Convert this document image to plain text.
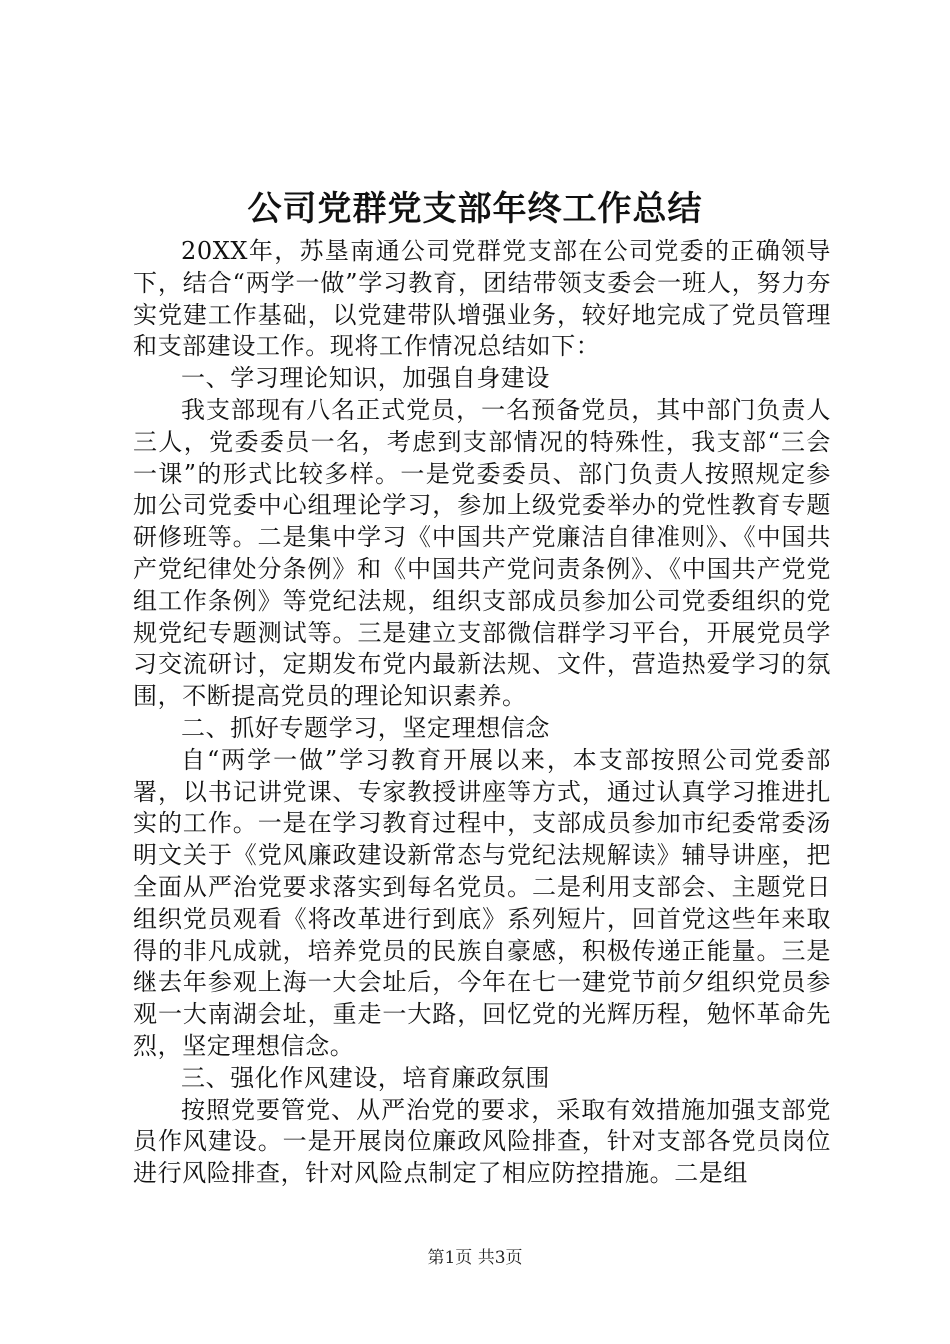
公司党群党支部年终工作总结

20XX年，苏垦南通公司党群党支部在公司党委的正确领导下，结合“两学一做”学习教育，团结带领支委会一班人，努力夯实党建工作基础，以党建带队增强业务，较好地完成了党员管理和支部建设工作。现将工作情况总结如下：

一、学习理论知识，加强自身建设

我支部现有八名正式党员，一名预备党员，其中部门负责人三人，党委委员一名，考虑到支部情况的特殊性，我支部“三会一课”的形式比较多样。一是党委委员、部门负责人按照规定参加公司党委中心组理论学习，参加上级党委举办的党性教育专题研修班等。二是集中学习《中国共产党廉洁自律准则》、《中国共产党纪律处分条例》和《中国共产党问责条例》、《中国共产党党组工作条例》等党纪法规，组织支部成员参加公司党委组织的党规党纪专题测试等。三是建立支部微信群学习平台，开展党员学习交流研讨，定期发布党内最新法规、文件，营造热爱学习的氛围，不断提高党员的理论知识素养。

二、抓好专题学习，坚定理想信念

自“两学一做”学习教育开展以来，本支部按照公司党委部署，以书记讲党课、专家教授讲座等方式，通过认真学习推进扎实的工作。一是在学习教育过程中，支部成员参加市纪委常委汤明文关于《党风廉政建设新常态与党纪法规解读》辅导讲座，把全面从严治党要求落实到每名党员。二是利用支部会、主题党日组织党员观看《将改革进行到底》系列短片，回首党这些年来取得的非凡成就，培养党员的民族自豪感，积极传递正能量。三是继去年参观上海一大会址后，今年在七一建党节前夕组织党员参观一大南湖会址，重走一大路，回忆党的光辉历程，勉怀革命先烈，坚定理想信念。

三、强化作风建设，培育廉政氛围

按照党要管党、从严治党的要求，采取有效措施加强支部党员作风建设。一是开展岗位廉政风险排查，针对支部各党员岗位进行风险排查，针对风险点制定了相应防控措施。二是组

第1页 共3页
